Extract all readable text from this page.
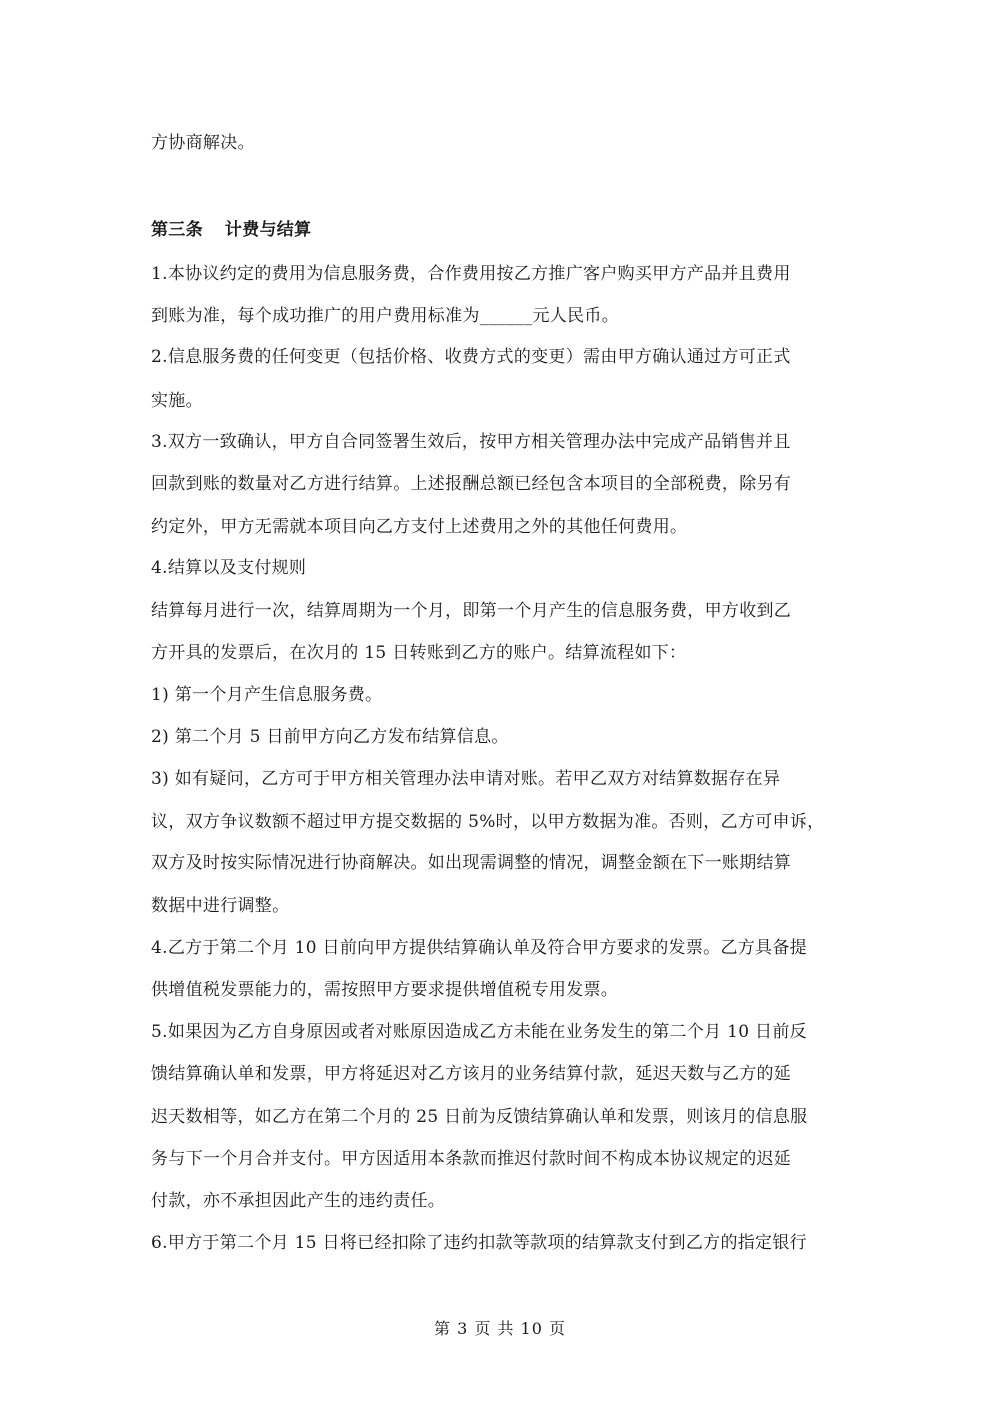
方协商解决。
第三条 计费与结算
1.本协议约定的费用为信息服务费，合作费用按乙方推广客户购买甲方产品并且费用
到账为准，每个成功推广的用户费用标准为______元人民币。
2.信息服务费的任何变更（包括价格、收费方式的变更）需由甲方确认通过方可正式
实施。
3.双方一致确认，甲方自合同签署生效后，按甲方相关管理办法中完成产品销售并且
回款到账的数量对乙方进行结算。上述报酬总额已经包含本项目的全部税费，除另有
约定外，甲方无需就本项目向乙方支付上述费用之外的其他任何费用。
4.结算以及支付规则
结算每月进行一次，结算周期为一个月，即第一个月产生的信息服务费，甲方收到乙
方开具的发票后，在次月的 15 日转账到乙方的账户。结算流程如下：
1) 第一个月产生信息服务费。
2) 第二个月 5 日前甲方向乙方发布结算信息。
3) 如有疑问，乙方可于甲方相关管理办法申请对账。若甲乙双方对结算数据存在异
议，双方争议数额不超过甲方提交数据的 5%时，以甲方数据为准。否则，乙方可申诉，
双方及时按实际情况进行协商解决。如出现需调整的情况，调整金额在下一账期结算
数据中进行调整。
4.乙方于第二个月 10 日前向甲方提供结算确认单及符合甲方要求的发票。乙方具备提
供增值税发票能力的，需按照甲方要求提供增值税专用发票。
5.如果因为乙方自身原因或者对账原因造成乙方未能在业务发生的第二个月 10 日前反
馈结算确认单和发票，甲方将延迟对乙方该月的业务结算付款，延迟天数与乙方的延
迟天数相等，如乙方在第二个月的 25 日前为反馈结算确认单和发票，则该月的信息服
务与下一个月合并支付。甲方因适用本条款而推迟付款时间不构成本协议规定的迟延
付款，亦不承担因此产生的违约责任。
6.甲方于第二个月 15 日将已经扣除了违约扣款等款项的结算款支付到乙方的指定银行
第 3 页 共 10 页
